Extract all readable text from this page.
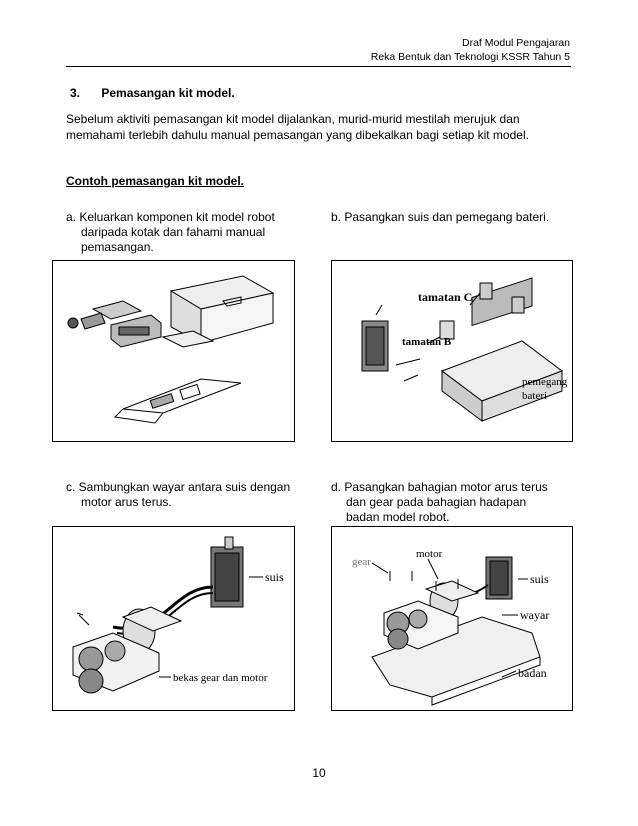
Draf Modul Pengajaran
Reka Bentuk dan Teknologi KSSR Tahun 5
3. Pemasangan kit model.
Sebelum aktiviti pemasangan kit model dijalankan, murid-murid mestilah merujuk dan memahami terlebih dahulu manual pemasangan yang dibekalkan bagi setiap kit model.
Contoh pemasangan kit model.
a. Keluarkan komponen kit model robot
daripada kotak dan fahami manual
pemasangan.
b. Pasangkan suis dan pemegang bateri.
tamatan C
tamatan B
pemegang
bateri
c. Sambungkan wayar antara suis dengan
motor arus terus.
d. Pasangkan bahagian motor arus terus
dan gear pada bahagian hadapan
badan model robot.
suis
bekas gear dan motor
gear
motor
suis
wayar
badan
10
